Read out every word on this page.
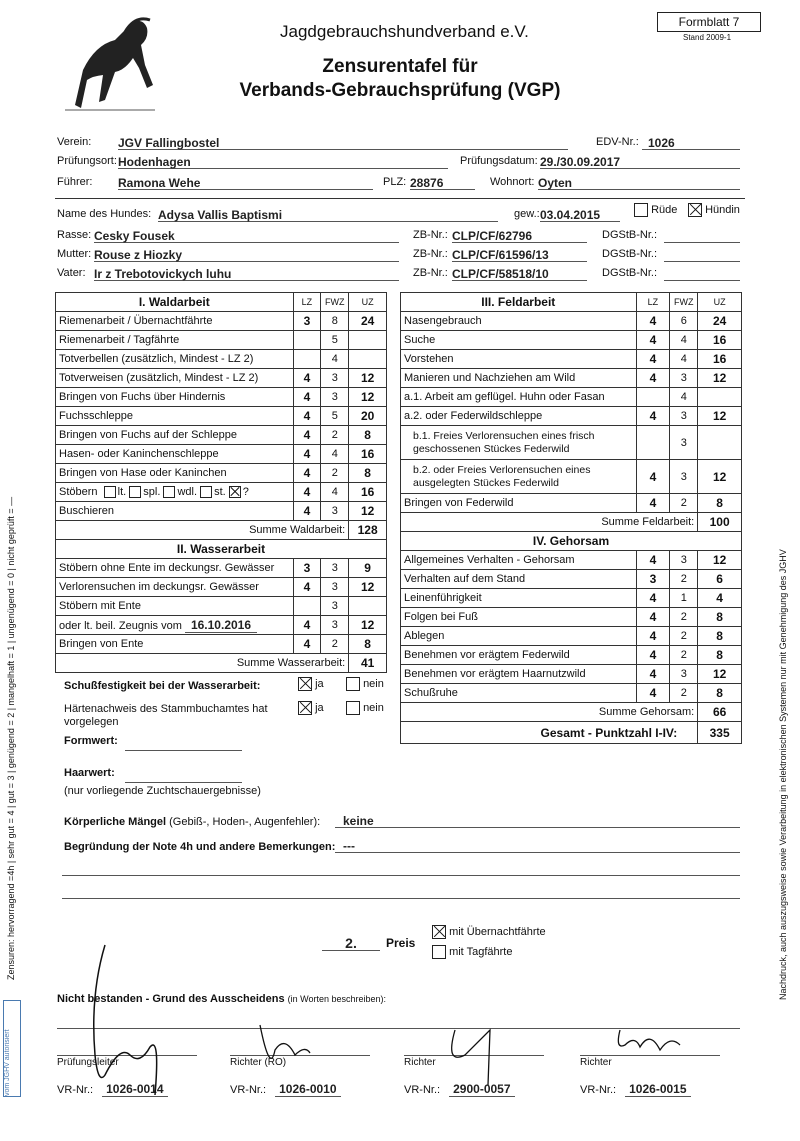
Jagdgebrauchshundverband e.V.	Formblatt 7
Stand 2009-1
Zensurentafel für
Verbands-Gebrauchsprüfung (VGP)
Verein: JGV Fallingbostel	EDV-Nr.: 1026
Prüfungsort: Hodenhagen	Prüfungsdatum: 29./30.09.2017
Führer: Ramona Wehe	PLZ: 28876	Wohnort: Oyten
Name des Hundes: Adysa Vallis Baptismi	gew.: 03.04.2015	Rüde	Hündin
Rasse: Cesky Fousek	ZB-Nr.: CLP/CF/62796	DGStB-Nr.:
Mutter: Rouse z Hiozky	ZB-Nr.: CLP/CF/61596/13	DGStB-Nr.:
Vater: Ir z Trebotovickych luhu	ZB-Nr.: CLP/CF/58518/10	DGStB-Nr.:
I. Waldarbeit	LZ	FWZ	UZ
Riemenarbeit / Übernachtfährte	3	8	24
Riemenarbeit / Tagfährte		5	
Totverbellen (zusätzlich, Mindest - LZ 2)		4	
Totverweisen (zusätzlich, Mindest - LZ 2)	4	3	12
Bringen von Fuchs über Hindernis	4	3	12
Fuchsschleppe	4	5	20
Bringen von Fuchs auf der Schleppe	4	2	8
Hasen- oder Kaninchenschleppe	4	4	16
Bringen von Hase oder Kaninchen	4	2	8
Stöbern lt. spl. wdl. st. ?	4	4	16
Buschieren	4	3	12
Summe Waldarbeit:			128
II. Wasserarbeit			
Stöbern ohne Ente im deckungsr. Gewässer	3	3	9
Verlorensuchen im deckungsr. Gewässer	4	3	12
Stöbern mit Ente		3	
oder lt. beil. Zeugnis vom 16.10.2016	4	3	12
Bringen von Ente	4	2	8
Summe Wasserarbeit:			41
III. Feldarbeit	LZ	FWZ	UZ
Nasengebrauch	4	6	24
Suche	4	4	16
Vorstehen	4	4	16
Manieren und Nachziehen am Wild	4	3	12
a.1. Arbeit am geflügel. Huhn oder Fasan		4	
a.2. oder Federwildschleppe	4	3	12
b.1. Freies Verlorensuchen eines frisch geschossenen Stückes Federwild		3	
b.2. oder Freies Verlorensuchen eines ausgelegten Stückes Federwild	4	3	12
Bringen von Federwild	4	2	8
Summe Feldarbeit:			100
IV. Gehorsam			
Allgemeines Verhalten - Gehorsam	4	3	12
Verhalten auf dem Stand	3	2	6
Leinenführigkeit	4	1	4
Folgen bei Fuß	4	2	8
Ablegen	4	2	8
Benehmen vor erägtem Federwild	4	2	8
Benehmen vor erägtem Haarnutzwild	4	3	12
Schußruhe	4	2	8
Summe Gehorsam:			66
Gesamt - Punktzahl I-IV:			335
Schußfestigkeit bei der Wasserarbeit:	ja	nein
Härtenachweis des Stammbuchamtes hat
vorgelegen
ja	nein
Formwert:
Haarwert:
(nur vorliegende Zuchtschauergebnisse)
Körperliche Mängel (Gebiß-, Hoden-, Augenfehler):	keine
Begründung der Note 4h und andere Bemerkungen: ---
2.	Preis
mit Übernachtfährte
mit Tagfährte
Nicht bestanden - Grund des Ausscheidens (in Worten beschreiben):
Prüfungsleiter
VR-Nr.: 1026-0014
Richter (RO)
VR-Nr.: 1026-0010
Richter
VR-Nr.: 2900-0057
Richter
VR-Nr.: 1026-0015
Zensuren: hervorragend =4h | sehr gut = 4 | gut = 3 | genügend = 2 | mangelhaft = 1 | ungenügend = 0 | nicht geprüft = —	Nachdruck, auch auszugsweise sowie Verarbeitung in elektronischen Systemen nur mit Genehmigung des JGHV
vom JGHV autorisiert
